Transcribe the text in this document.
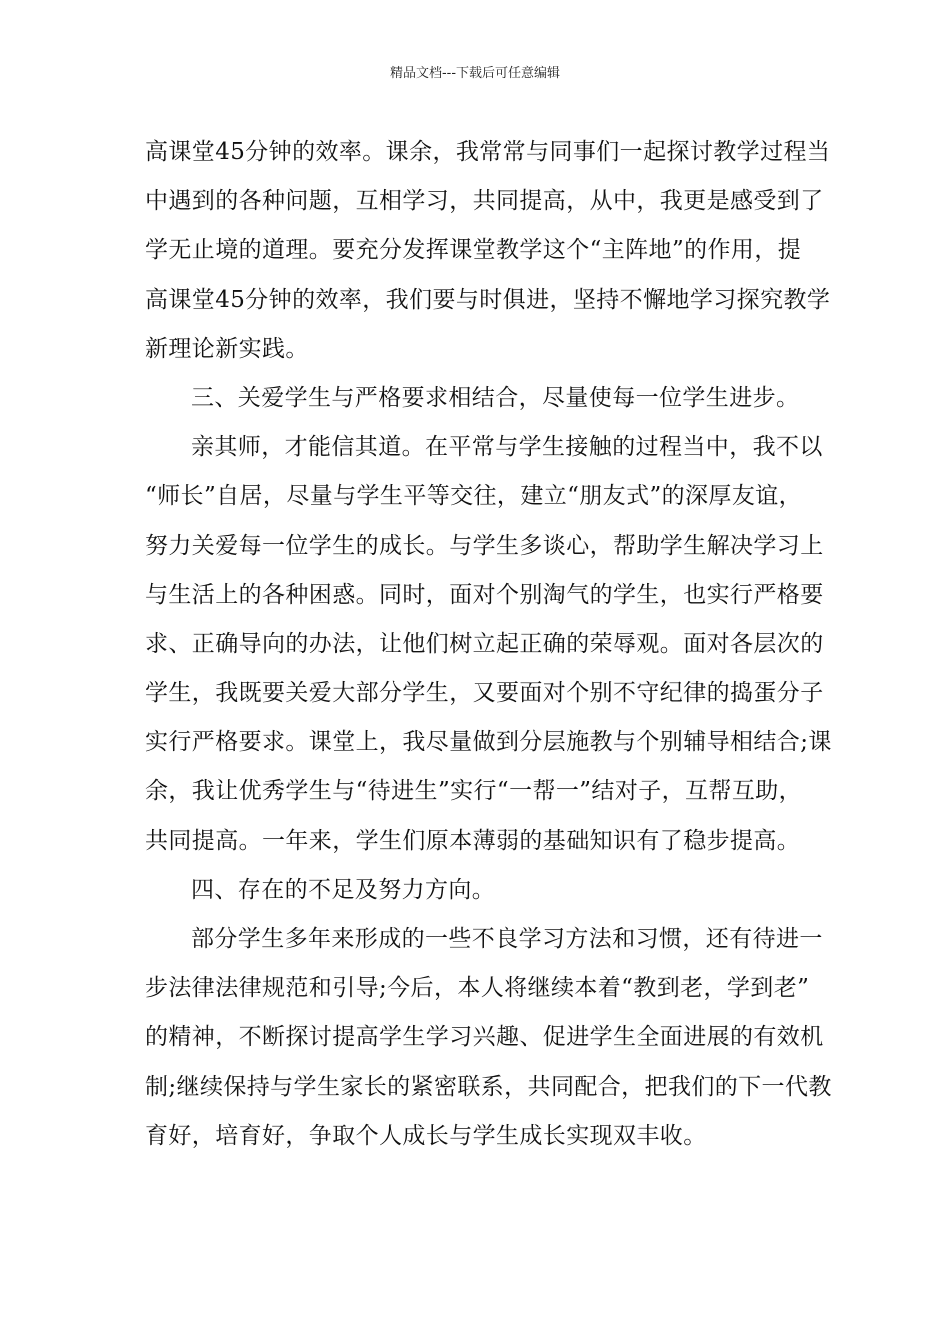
精品文档---下载后可任意编辑
高课堂45分钟的效率。课余，我常常与同事们一起探讨教学过程当
中遇到的各种问题，互相学习，共同提高，从中，我更是感受到了
学无止境的道理。要充分发挥课堂教学这个“主阵地”的作用，提
高课堂45分钟的效率，我们要与时俱进，坚持不懈地学习探究教学
新理论新实践。
三、关爱学生与严格要求相结合，尽量使每一位学生进步。
亲其师，才能信其道。在平常与学生接触的过程当中，我不以
“师长”自居，尽量与学生平等交往，建立“朋友式”的深厚友谊，
努力关爱每一位学生的成长。与学生多谈心，帮助学生解决学习上
与生活上的各种困惑。同时，面对个别淘气的学生，也实行严格要
求、正确导向的办法，让他们树立起正确的荣辱观。面对各层次的
学生，我既要关爱大部分学生，又要面对个别不守纪律的捣蛋分子
实行严格要求。课堂上，我尽量做到分层施教与个别辅导相结合;课
余，我让优秀学生与“待进生”实行“一帮一”结对子，互帮互助，
共同提高。一年来，学生们原本薄弱的基础知识有了稳步提高。
四、存在的不足及努力方向。
部分学生多年来形成的一些不良学习方法和习惯，还有待进一
步法律法律规范和引导;今后，本人将继续本着“教到老，学到老”
的精神，不断探讨提高学生学习兴趣、促进学生全面进展的有效机
制;继续保持与学生家长的紧密联系，共同配合，把我们的下一代教
育好，培育好，争取个人成长与学生成长实现双丰收。
